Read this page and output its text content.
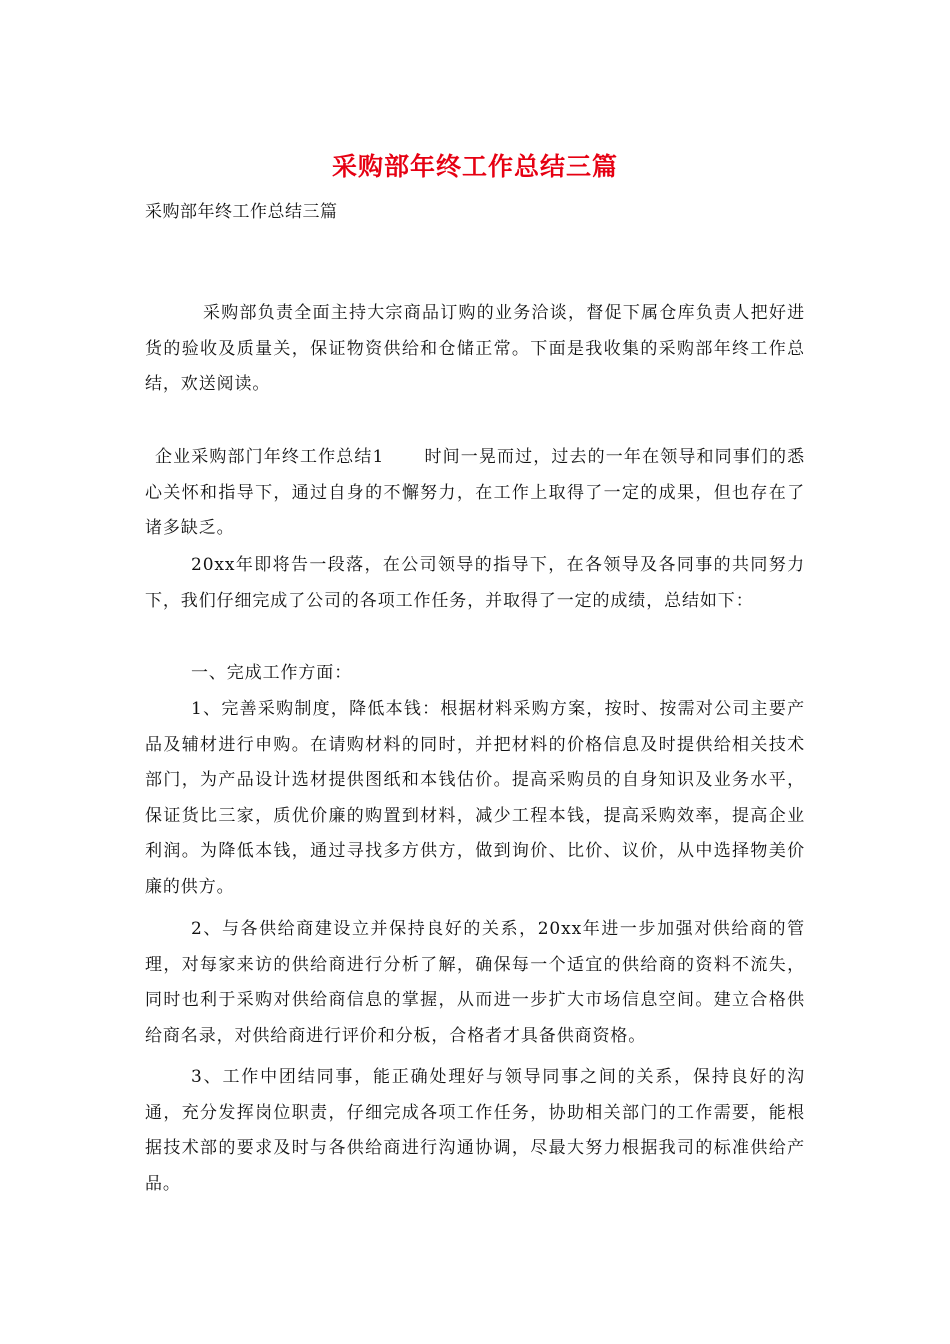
采购部年终工作总结三篇
采购部年终工作总结三篇

采购部负责全面主持大宗商品订购的业务洽谈，督促下属仓库负责人把好进货的验收及质量关，保证物资供给和仓储正常。下面是我收集的采购部年终工作总结，欢送阅读。

企业采购部门年终工作总结1 时间一晃而过，过去的一年在领导和同事们的悉心关怀和指导下，通过自身的不懈努力，在工作上取得了一定的成果，但也存在了诸多缺乏。

20xx年即将告一段落，在公司领导的指导下，在各领导及各同事的共同努力下，我们仔细完成了公司的各项工作任务，并取得了一定的成绩，总结如下：

一、完成工作方面：

1、完善采购制度，降低本钱：根据材料采购方案，按时、按需对公司主要产品及辅材进行申购。在请购材料的同时，并把材料的价格信息及时提供给相关技术部门，为产品设计选材提供图纸和本钱估价。提高采购员的自身知识及业务水平，保证货比三家，质优价廉的购置到材料，减少工程本钱，提高采购效率，提高企业利润。为降低本钱，通过寻找多方供方，做到询价、比价、议价，从中选择物美价廉的供方。

2、与各供给商建设立并保持良好的关系，20xx年进一步加强对供给商的管理，对每家来访的供给商进行分析了解，确保每一个适宜的供给商的资料不流失，同时也利于采购对供给商信息的掌握，从而进一步扩大市场信息空间。建立合格供给商名录，对供给商进行评价和分板，合格者才具备供商资格。

3、工作中团结同事，能正确处理好与领导同事之间的关系，保持良好的沟通，充分发挥岗位职责，仔细完成各项工作任务，协助相关部门的工作需要，能根据技术部的要求及时与各供给商进行沟通协调，尽最大努力根据我司的标准供给产品。
